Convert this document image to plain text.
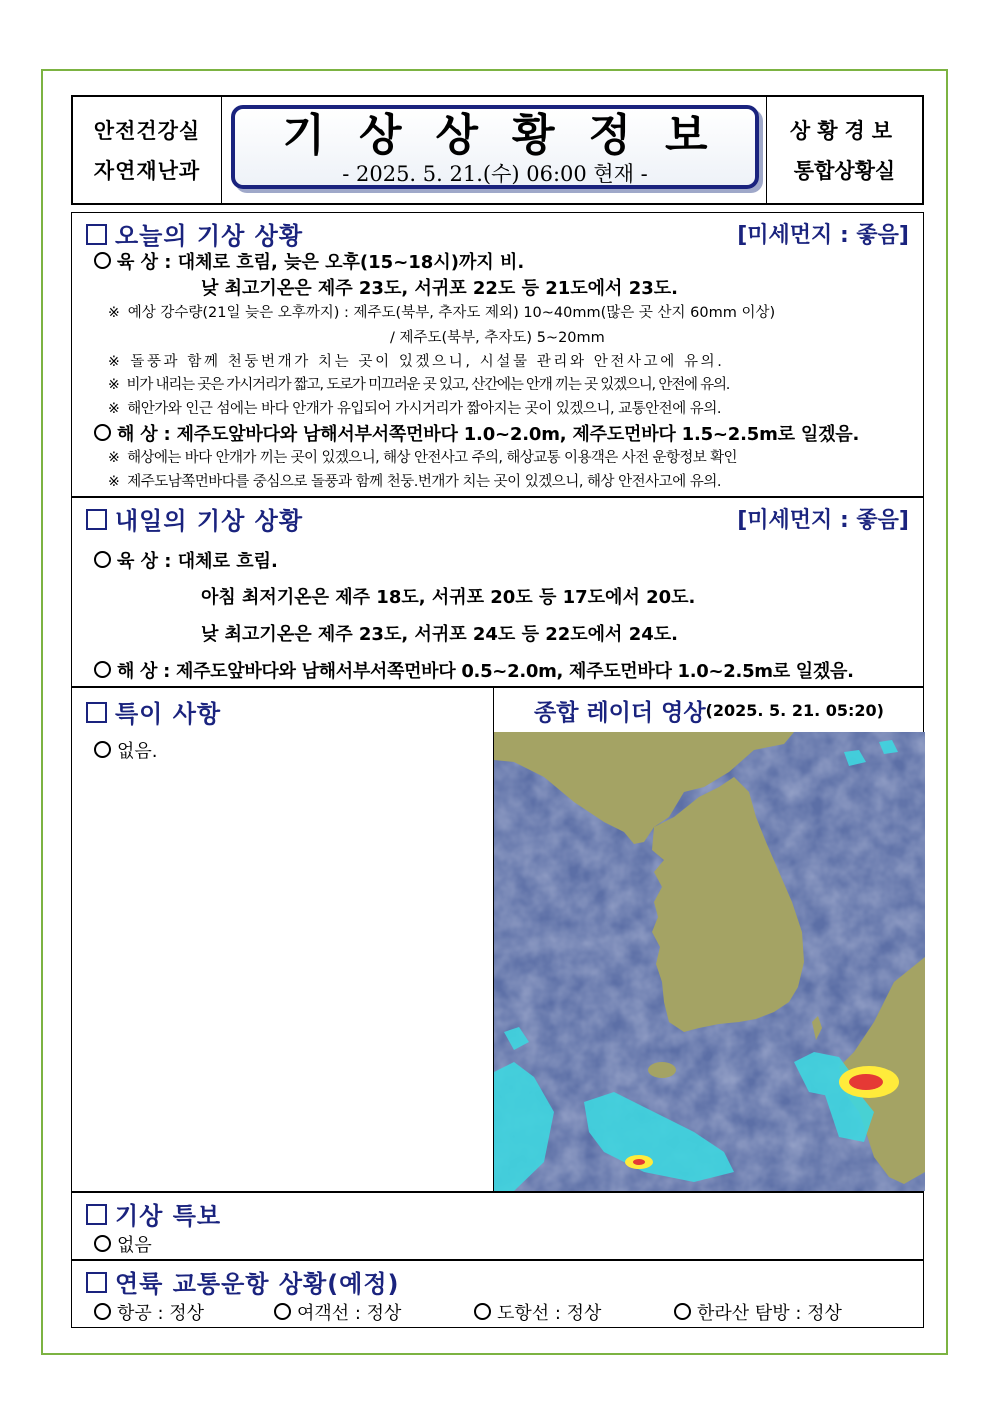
안전건강실
자연재난과
기상상황정보
- 2025. 5. 21.(수) 06:00 현재 -
상황경보
통합상황실
오늘의 기상 상황	[미세먼지 : 좋음]
육 상 : 대체로 흐림, 늦은 오후(15~18시)까지 비.
낮 최고기온은 제주 23도, 서귀포 22도 등 21도에서 23도.
※ 예상 강수량(21일 늦은 오후까지) : 제주도(북부, 추자도 제외) 10~40mm(많은 곳 산지 60mm 이상)
/ 제주도(북부, 추자도) 5~20mm
※ 돌풍과 함께 천둥번개가 치는 곳이 있겠으니, 시설물 관리와 안전사고에 유의.
※ 비가 내리는 곳은 가시거리가 짧고, 도로가 미끄러운 곳 있고, 산간에는 안개 끼는 곳 있겠으니, 안전에 유의.
※ 해안가와 인근 섬에는 바다 안개가 유입되어 가시거리가 짧아지는 곳이 있겠으니, 교통안전에 유의.
해 상 : 제주도앞바다와 남해서부서쪽먼바다 1.0~2.0m, 제주도먼바다 1.5~2.5m로 일겠음.
※ 해상에는 바다 안개가 끼는 곳이 있겠으니, 해상 안전사고 주의, 해상교통 이용객은 사전 운항정보 확인
※ 제주도남쪽먼바다를 중심으로 돌풍과 함께 천둥.번개가 치는 곳이 있겠으니, 해상 안전사고에 유의.
내일의 기상 상황	[미세먼지 : 좋음]
육 상 : 대체로 흐림.
아침 최저기온은 제주 18도, 서귀포 20도 등 17도에서 20도.
낮 최고기온은 제주 23도, 서귀포 24도 등 22도에서 24도.
해 상 : 제주도앞바다와 남해서부서쪽먼바다 0.5~2.0m, 제주도먼바다 1.0~2.5m로 일겠음.
특이 사항
없음.
종합 레이더 영상 (2025. 5. 21. 05:20)
기상 특보
없음
연륙 교통운항 상황(예정)
항공 : 정상	여객선 : 정상	도항선 : 정상	한라산 탐방 : 정상
